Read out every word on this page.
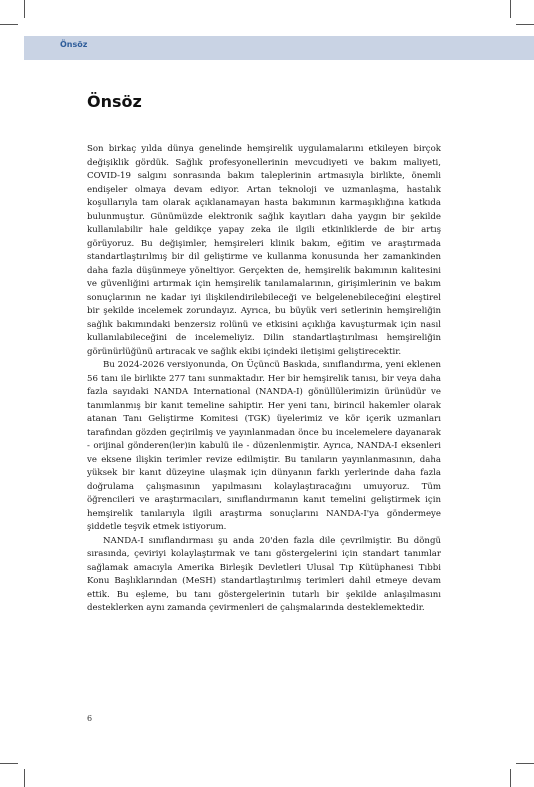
Önsöz
Önsöz

Son birkaç yılda dünya genelinde hemşirelik uygulamalarını etkileyen birçok değişiklik gördük. Sağlık profesyonellerinin mevcudiyeti ve bakım maliyeti, COVID-19 salgını sonrasında bakım taleplerinin artmasıyla birlikte, önemli endişeler olmaya devam ediyor. Artan teknoloji ve uzmanlaşma, hastalık koşullarıyla tam olarak açıklanamayan hasta bakımının karmaşıklığına katkıda bulunmuştur. Günümüzde elektronik sağlık kayıtları daha yaygın bir şekilde kullanılabilir hale geldikçe yapay zeka ile ilgili etkinliklerde de bir artış görüyoruz. Bu değişimler, hemşireleri klinik bakım, eğitim ve araştırmada standartlaştırılmış bir dil geliştirme ve kullanma konusunda her zamankinden daha fazla düşünmeye yöneltiyor. Gerçekten de, hemşirelik bakımının kalitesini ve güvenliğini artırmak için hemşirelik tanılamalarının, girişimlerinin ve bakım sonuçlarının ne kadar iyi ilişkilendirilebileceği ve belgelenebileceğini eleştirel bir şekilde incelemek zorundayız. Ayrıca, bu büyük veri setlerinin hemşireliğin sağlık bakımındaki benzersiz rolünü ve etkisini açıklığa kavuşturmak için nasıl kullanılabileceğini de incelemeliyiz. Dilin standartlaştırılması hemşireliğin görünürlüğünü artıracak ve sağlık ekibi içindeki iletişimi geliştirecektir.

Bu 2024-2026 versiyonunda, On Üçüncü Baskıda, sınıflandırma, yeni eklenen 56 tanı ile birlikte 277 tanı sunmaktadır. Her bir hemşirelik tanısı, bir veya daha fazla sayıdaki NANDA International (NANDA-I) gönüllülerimizin ürünüdür ve tanımlanmış bir kanıt temeline sahiptir. Her yeni tanı, birincil hakemler olarak atanan Tanı Geliştirme Komitesi (TGK) üyelerimiz ve kör içerik uzmanları tarafından gözden geçirilmiş ve yayınlanmadan önce bu incelemelere dayanarak - orijinal gönderen(ler)in kabulü ile - düzenlenmiştir. Ayrıca, NANDA-I eksenleri ve eksene ilişkin terimler revize edilmiştir. Bu tanıların yayınlanmasının, daha yüksek bir kanıt düzeyine ulaşmak için dünyanın farklı yerlerinde daha fazla doğrulama çalışmasının yapılmasını kolaylaştıracağını umuyoruz. Tüm öğrencileri ve araştırmacıları, sınıflandırmanın kanıt temelini geliştirmek için hemşirelik tanılarıyla ilgili araştırma sonuçlarını NANDA-I'ya göndermeye şiddetle teşvik etmek istiyorum.

NANDA-I sınıflandırması şu anda 20'den fazla dile çevrilmiştir. Bu döngü sırasında, çeviriyi kolaylaştırmak ve tanı göstergelerini için standart tanımlar sağlamak amacıyla Amerika Birleşik Devletleri Ulusal Tıp Kütüphanesi Tıbbi Konu Başlıklarından (MeSH) standartlaştırılmış terimleri dahil etmeye devam ettik. Bu eşleme, bu tanı göstergelerinin tutarlı bir şekilde anlaşılmasını desteklerken aynı zamanda çevirmenleri de çalışmalarında desteklemektedir.

6
